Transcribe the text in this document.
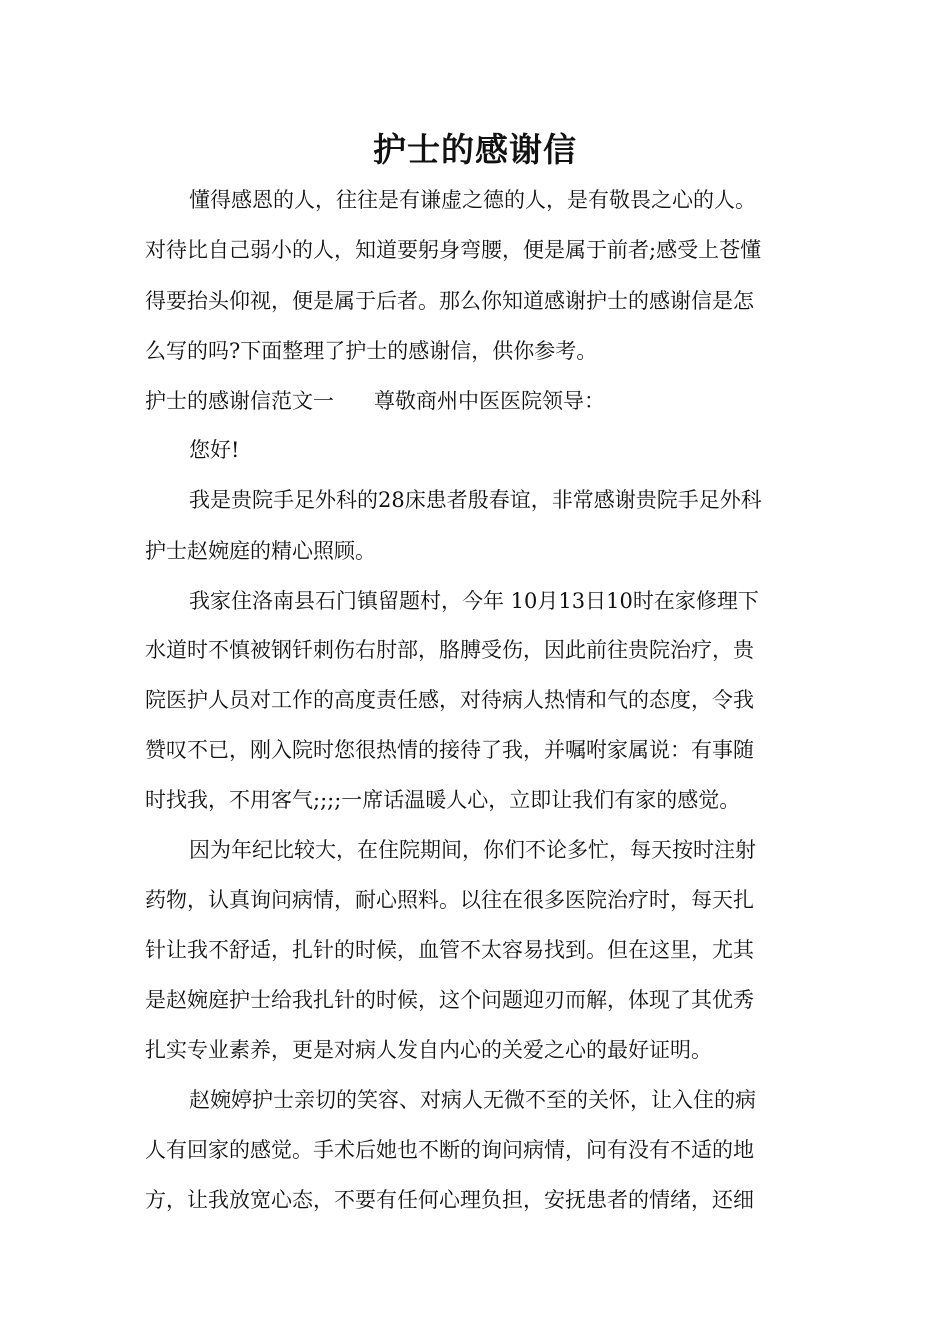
护士的感谢信

懂得感恩的人，往往是有谦虚之德的人，是有敬畏之心的人。

对待比自己弱小的人，知道要躬身弯腰，便是属于前者;感受上苍懂

得要抬头仰视，便是属于后者。那么你知道感谢护士的感谢信是怎

么写的吗?下面整理了护士的感谢信，供你参考。

护士的感谢信范文一      尊敬商州中医医院领导：

您好!

我是贵院手足外科的28床患者殷春谊，非常感谢贵院手足外科

护士赵婉庭的精心照顾。

我家住洛南县石门镇留题村，今年 10月13日10时在家修理下

水道时不慎被钢钎刺伤右肘部，胳膊受伤，因此前往贵院治疗，贵

院医护人员对工作的高度责任感，对待病人热情和气的态度，令我

赞叹不已，刚入院时您很热情的接待了我，并嘱咐家属说：有事随

时找我，不用客气;;;;一席话温暖人心，立即让我们有家的感觉。

因为年纪比较大，在住院期间，你们不论多忙，每天按时注射

药物，认真询问病情，耐心照料。以往在很多医院治疗时，每天扎

针让我不舒适，扎针的时候，血管不太容易找到。但在这里，尤其

是赵婉庭护士给我扎针的时候，这个问题迎刃而解，体现了其优秀

扎实专业素养，更是对病人发自内心的关爱之心的最好证明。

赵婉婷护士亲切的笑容、对病人无微不至的关怀，让入住的病

人有回家的感觉。手术后她也不断的询问病情，问有没有不适的地

方，让我放宽心态，不要有任何心理负担，安抚患者的情绪，还细
